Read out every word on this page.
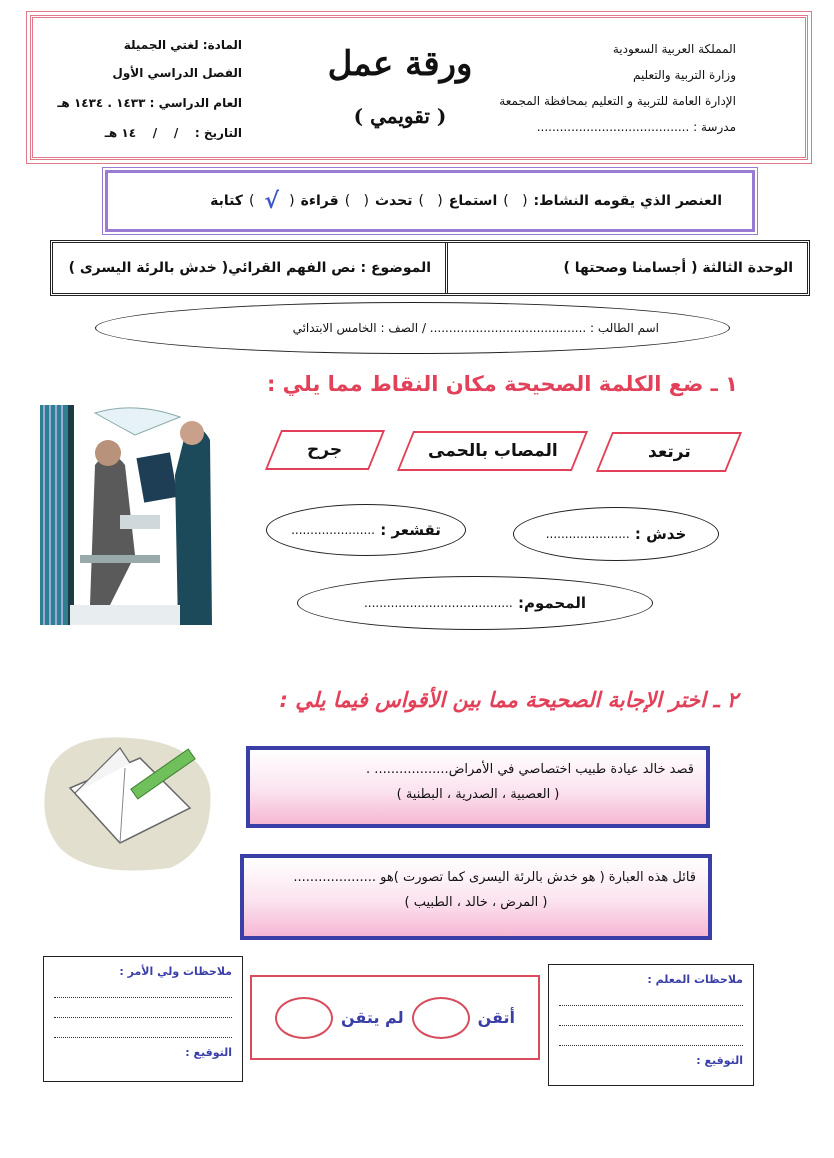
المملكة العربية السعودية
وزارة التربية والتعليم
الإدارة العامة للتربية و التعليم بمحافظة المجمعة
مدرسة : ........................................
ورقة عمل
( تقويمي )
المادة: لغتي الجميلة
الفصل الدراسي الأول
العام الدراسي : ١٤٣٣ . ١٤٣٤ هـ
التاريخ :    /    /    ١٤ هـ
العنصر الذي يقومه النشاط:
(   )
استماع
(   )
تحدث
(   )
قراءة
(
√
)
كتابة
الوحدة الثالثة ( أجسامنا وصحتها )
الموضوع : نص الفهم القرائي( خدش بالرئة اليسرى )
اسم الطالب : ......................................... / الصف : الخامس الابتدائي
١ ـ ضع الكلمة الصحيحة مكان النقاط مما يلي :
ترتعد
المصاب بالحمى
جرح
خدش :

......................
تقشعر :

......................
المحموم:

.......................................
٢ ـ اختر الإجابة الصحيحة مما بين الأقواس فيما يلي :
قصد خالد عيادة طبيب اختصاصي في الأمراض.................. .
( العصبية ، الصدرية ، البطنية )
قائل هذه العبارة ( هو خدش بالرئة اليسرى كما تصورت )هو ....................
( المرض ، خالد ، الطبيب )
ملاحظات المعلم :
التوقيع :
أتقن
لم يتقن
ملاحظات ولي الأمر :
التوقيع :
